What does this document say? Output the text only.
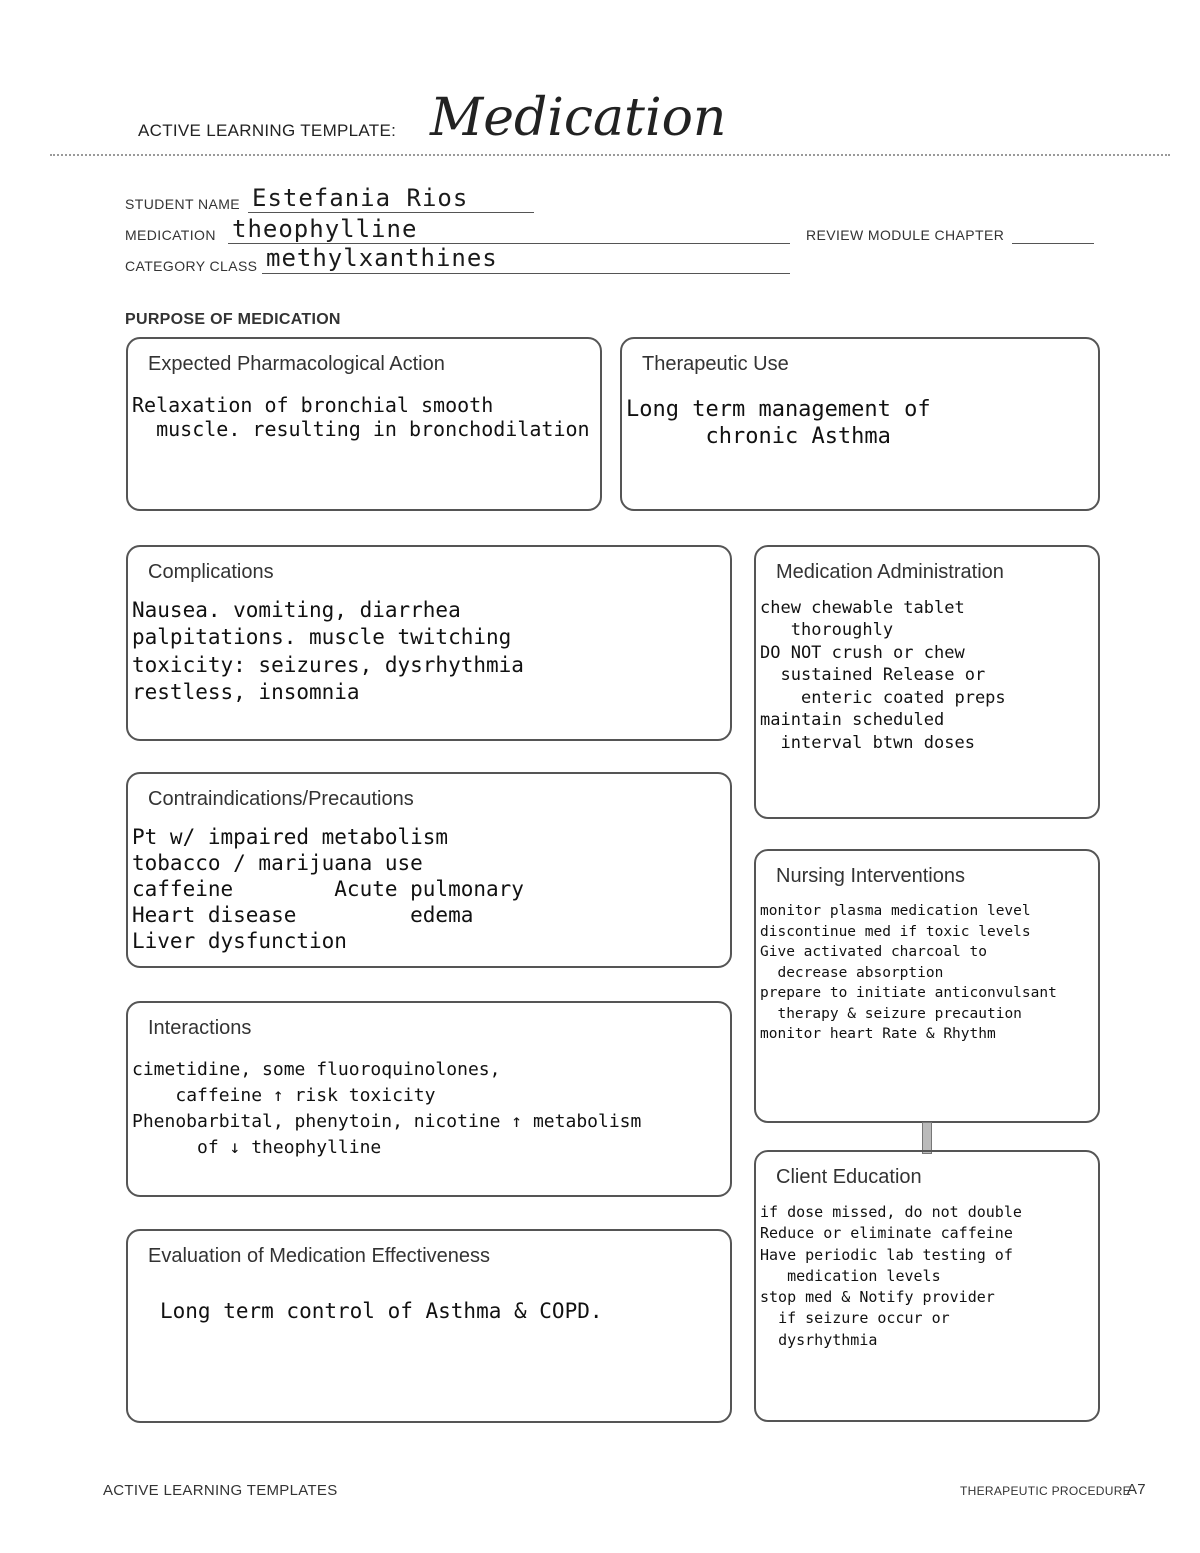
ACTIVE LEARNING TEMPLATE: Medication
STUDENT NAME Estefania Rios
MEDICATION theophylline	REVIEW MODULE CHAPTER
CATEGORY CLASS methylxanthines
PURPOSE OF MEDICATION
Expected Pharmacological Action
Relaxation of bronchial smooth
muscle. resulting in bronchodilation
Therapeutic Use
Long term management of
chronic Asthma
Complications
Nausea. vomiting, diarrhea
palpitations. muscle twitching
toxicity: seizures, dysrhythmia
restless, insomnia
Medication Administration
chew chewable tablet
thoroughly
DO NOT crush or chew
sustained Release or
enteric coated preps
maintain scheduled
interval btwn doses
Contraindications/Precautions
Pt w/ impaired metabolism
tobacco / marijuana use
caffeine        Acute pulmonary
Heart disease         edema
Liver dysfunction
Nursing Interventions
monitor plasma medication level
discontinue med if toxic levels
Give activated charcoal to
decrease absorption
prepare to initiate anticonvulsant
therapy & seizure precaution
monitor heart Rate & Rhythm
Interactions
cimetidine, some fluoroquinolones,
caffeine ↑ risk toxicity
Phenobarbital, phenytoin, nicotine ↑ metabolism
of ↓ theophylline
Client Education
if dose missed, do not double
Reduce or eliminate caffeine
Have periodic lab testing of
medication levels
stop med & Notify provider
if seizure occur or
dysrhythmia
Evaluation of Medication Effectiveness
Long term control of Asthma & COPD.
ACTIVE LEARNING TEMPLATES	THERAPEUTIC PROCEDURE
A7
